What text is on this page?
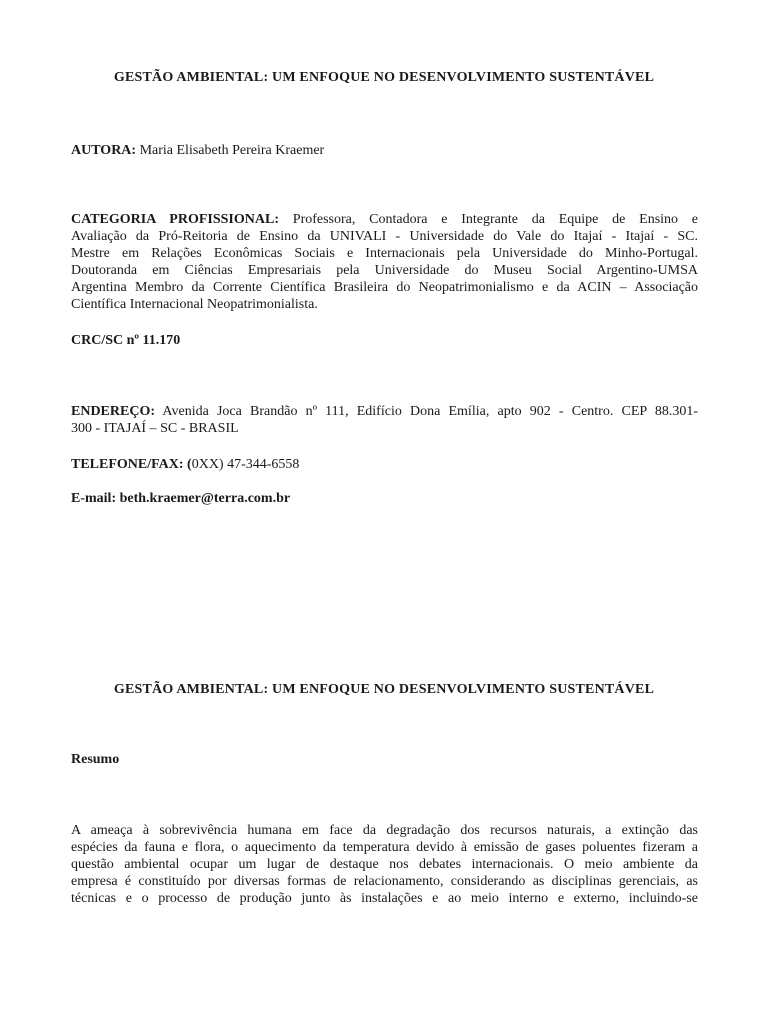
GESTÃO AMBIENTAL: UM ENFOQUE NO DESENVOLVIMENTO SUSTENTÁVEL
AUTORA: Maria Elisabeth Pereira Kraemer
CATEGORIA PROFISSIONAL: Professora, Contadora e Integrante da Equipe de Ensino e
Avaliação da Pró-Reitoria de Ensino da UNIVALI - Universidade do Vale do Itajaí - Itajaí - SC.
Mestre em Relações Econômicas Sociais e Internacionais pela Universidade do Minho-Portugal.
Doutoranda em Ciências Empresariais pela Universidade do Museu Social Argentino-UMSA
Argentina Membro da Corrente Científica Brasileira do Neopatrimonialismo e da ACIN – Associação
Científica Internacional Neopatrimonialista.
CRC/SC nº 11.170
ENDEREÇO: Avenida Joca Brandão nº 111, Edifício Dona Emília, apto 902 - Centro. CEP 88.301-
300 - ITAJAÍ – SC - BRASIL
TELEFONE/FAX: (0XX) 47-344-6558
E-mail: beth.kraemer@terra.com.br
GESTÃO AMBIENTAL: UM ENFOQUE NO DESENVOLVIMENTO SUSTENTÁVEL
Resumo
A ameaça à sobrevivência humana em face da degradação dos recursos naturais, a extinção das
espécies da fauna e flora, o aquecimento da temperatura devido à emissão de gases poluentes fizeram a
questão ambiental ocupar um lugar de destaque nos debates internacionais. O meio ambiente da
empresa é constituído por diversas formas de relacionamento, considerando as disciplinas gerenciais, as
técnicas e o processo de produção junto às instalações e ao meio interno e externo, incluindo-se
